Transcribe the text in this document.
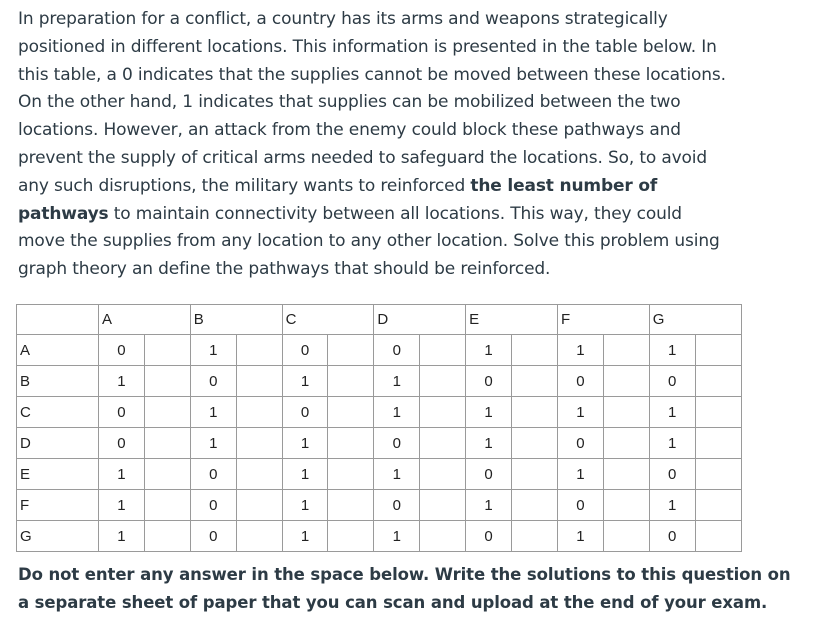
In preparation for a conflict, a country has its arms and weapons strategically

positioned in different locations. This information is presented in the table below. In

this table, a 0 indicates that the supplies cannot be moved between these locations.

On the other hand, 1 indicates that supplies can be mobilized between the two

locations. However, an attack from the enemy could block these pathways and

prevent the supply of critical arms needed to safeguard the locations. So, to avoid

any such disruptions, the military wants to reinforced the least number of

pathways to maintain connectivity between all locations. This way, they could

move the supplies from any location to any other location. Solve this problem using

graph theory an define the pathways that should be reinforced.

	A		B		C		D		E		F		G	
A	0		1		0		0		1		1		1	
B	1		0		1		1		0		0		0	
C	0		1		0		1		1		1		1	
D	0		1		1		0		1		0		1	
E	1		0		1		1		0		1		0	
F	1		0		1		0		1		0		1	
G	1		0		1		1		0		1		0	

Do not enter any answer in the space below. Write the solutions to this question on

a separate sheet of paper that you can scan and upload at the end of your exam.
